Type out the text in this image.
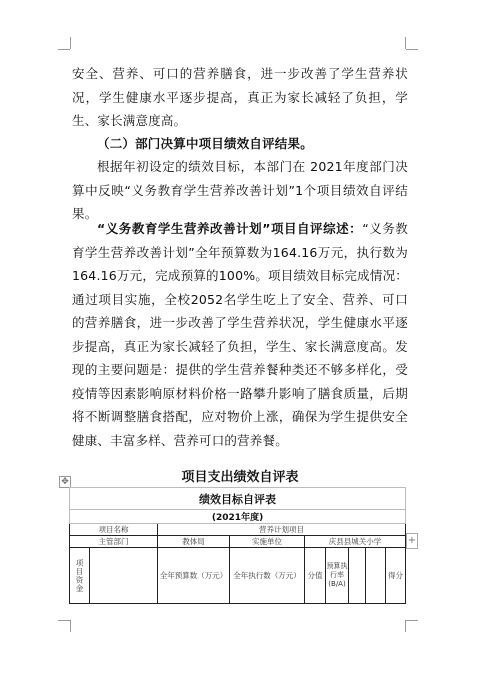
安全、营养、可口的营养膳食，进一步改善了学生营养状况，学生健康水平逐步提高，真正为家长减轻了负担，学生、家长满意度高。

（二）部门决算中项目绩效自评结果。

根据年初设定的绩效目标，本部门在 2021年度部门决算中反映“义务教育学生营养改善计划”1个项目绩效自评结果。

“义务教育学生营养改善计划”项目自评综述：“义务教育学生营养改善计划”全年预算数为164.16万元，执行数为164.16万元，完成预算的100%。项目绩效目标完成情况：通过项目实施，全校2052名学生吃上了安全、营养、可口的营养膳食，进一步改善了学生营养状况，学生健康水平逐步提高，真正为家长减轻了负担，学生、家长满意度高。发现的主要问题是：提供的学生营养餐种类还不够多样化，受疫情等因素影响原材料价格一路攀升影响了膳食质量，后期将不断调整膳食搭配，应对物价上涨，确保为学生提供安全健康、丰富多样、营养可口的营养餐。

项目支出绩效自评表
✥
绩效目标自评表								
(2021年度)								
项目名称		营养计划项目						
主管部门		教体局	实施单位	庆县县城关小学				
项目资金		全年预算数（万元）	全年执行数（万元）	分值	预算执行率(B/A)			得分
+
